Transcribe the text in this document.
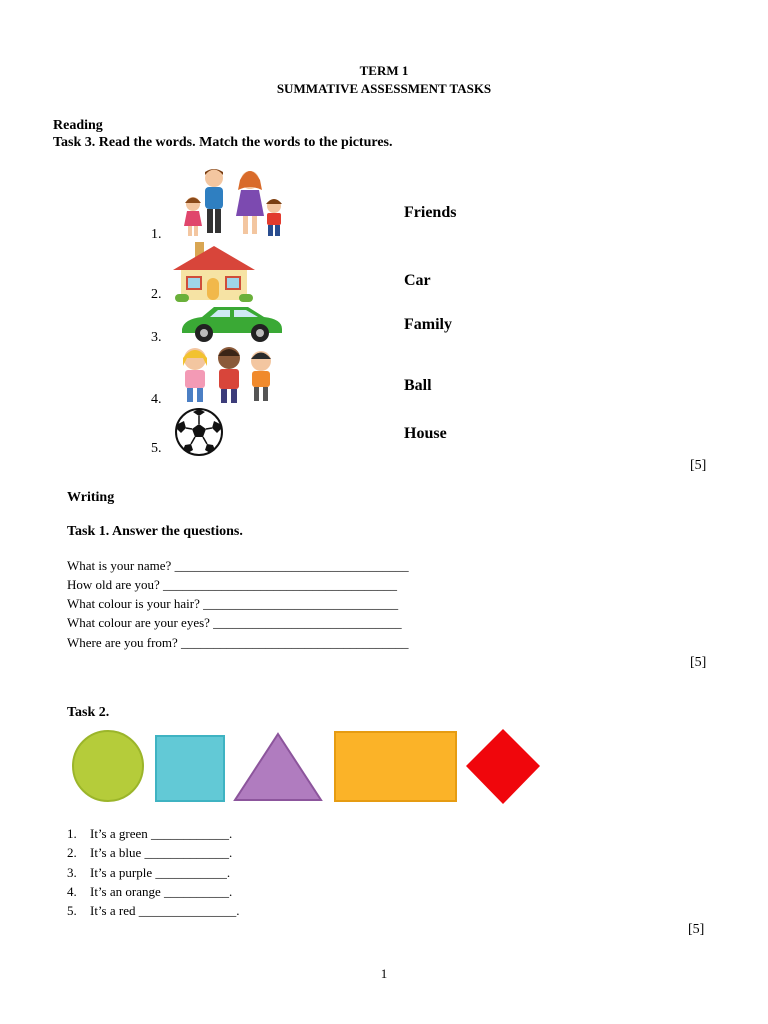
TERM 1
SUMMATIVE ASSESSMENT TASKS
Reading
Task 3. Read the words. Match the words to the pictures.
1.
2.
3.
4.
5.
Friends
Car
Family
Ball
House
[5]
Writing
Task 1. Answer the questions.
What is your name? ____________________________________
How old are you? ____________________________________
What colour is your hair? ______________________________
What colour are your eyes? _____________________________
Where are you from? ___________________________________
[5]
Task 2.
1. It’s a green ____________.
2. It’s a blue _____________.
3. It’s a purple ___________.
4. It’s an orange __________.
5. It’s a red _______________.
[5]
1
